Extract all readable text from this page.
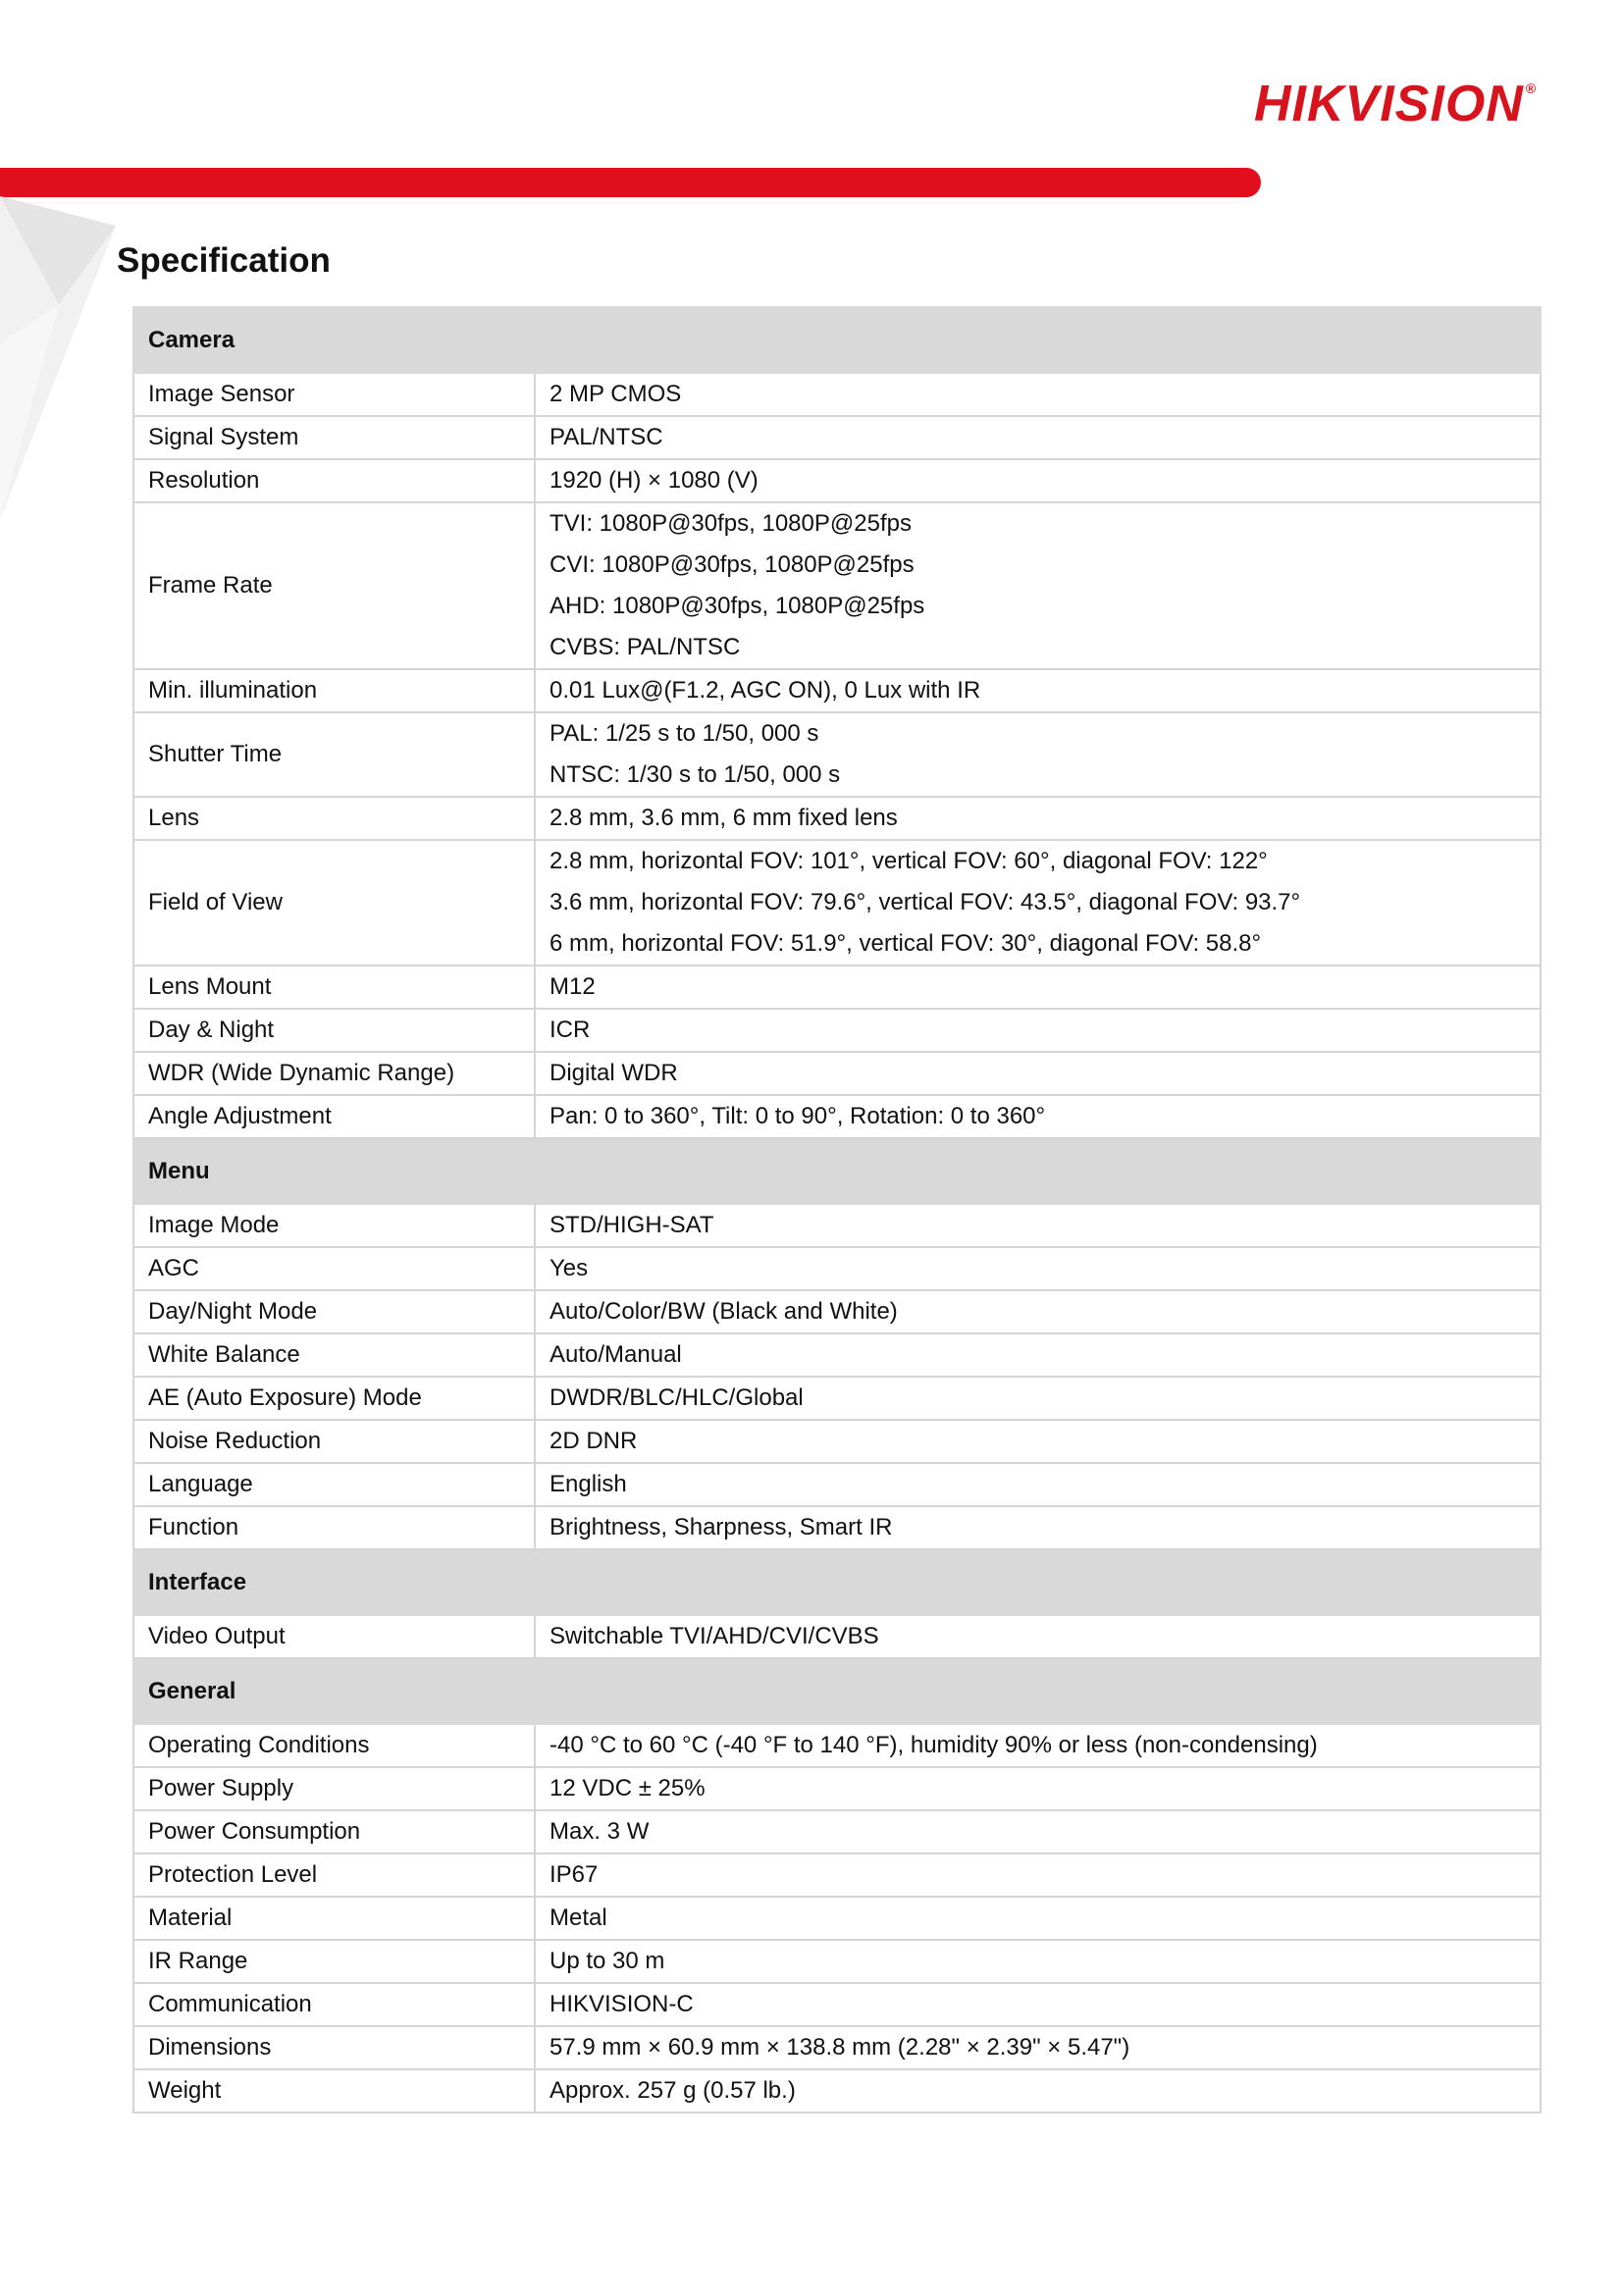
HIKVISION ®
Specification
Camera	
Image Sensor	2 MP CMOS

Signal System	PAL/NTSC

Resolution	1920 (H) × 1080 (V)

Frame Rate	TVI: 1080P@30fps, 1080P@25fps
CVI: 1080P@30fps, 1080P@25fps
AHD: 1080P@30fps, 1080P@25fps
CVBS: PAL/NTSC

Min. illumination	0.01 Lux@(F1.2, AGC ON), 0 Lux with IR

Shutter Time	PAL: 1/25 s to 1/50, 000 s
NTSC: 1/30 s to 1/50, 000 s

Lens	2.8 mm, 3.6 mm, 6 mm fixed lens

Field of View	2.8 mm, horizontal FOV: 101°, vertical FOV: 60°, diagonal FOV: 122°
3.6 mm, horizontal FOV: 79.6°, vertical FOV: 43.5°, diagonal FOV: 93.7°
6 mm, horizontal FOV: 51.9°, vertical FOV: 30°, diagonal FOV: 58.8°

Lens Mount	M12

Day & Night	ICR

WDR (Wide Dynamic Range)	Digital WDR

Angle Adjustment	Pan: 0 to 360°, Tilt: 0 to 90°, Rotation: 0 to 360°

Menu	
Image Mode	STD/HIGH-SAT

AGC	Yes

Day/Night Mode	Auto/Color/BW (Black and White)

White Balance	Auto/Manual

AE (Auto Exposure) Mode	DWDR/BLC/HLC/Global

Noise Reduction	2D DNR

Language	English

Function	Brightness, Sharpness, Smart IR

Interface	
Video Output	Switchable TVI/AHD/CVI/CVBS

General	
Operating Conditions	-40 °C to 60 °C (-40 °F to 140 °F), humidity 90% or less (non-condensing)

Power Supply	12 VDC ± 25%

Power Consumption	Max. 3 W

Protection Level	IP67

Material	Metal

IR Range	Up to 30 m

Communication	HIKVISION-C

Dimensions	57.9 mm × 60.9 mm × 138.8 mm (2.28" × 2.39" × 5.47")

Weight	Approx. 257 g (0.57 lb.)
